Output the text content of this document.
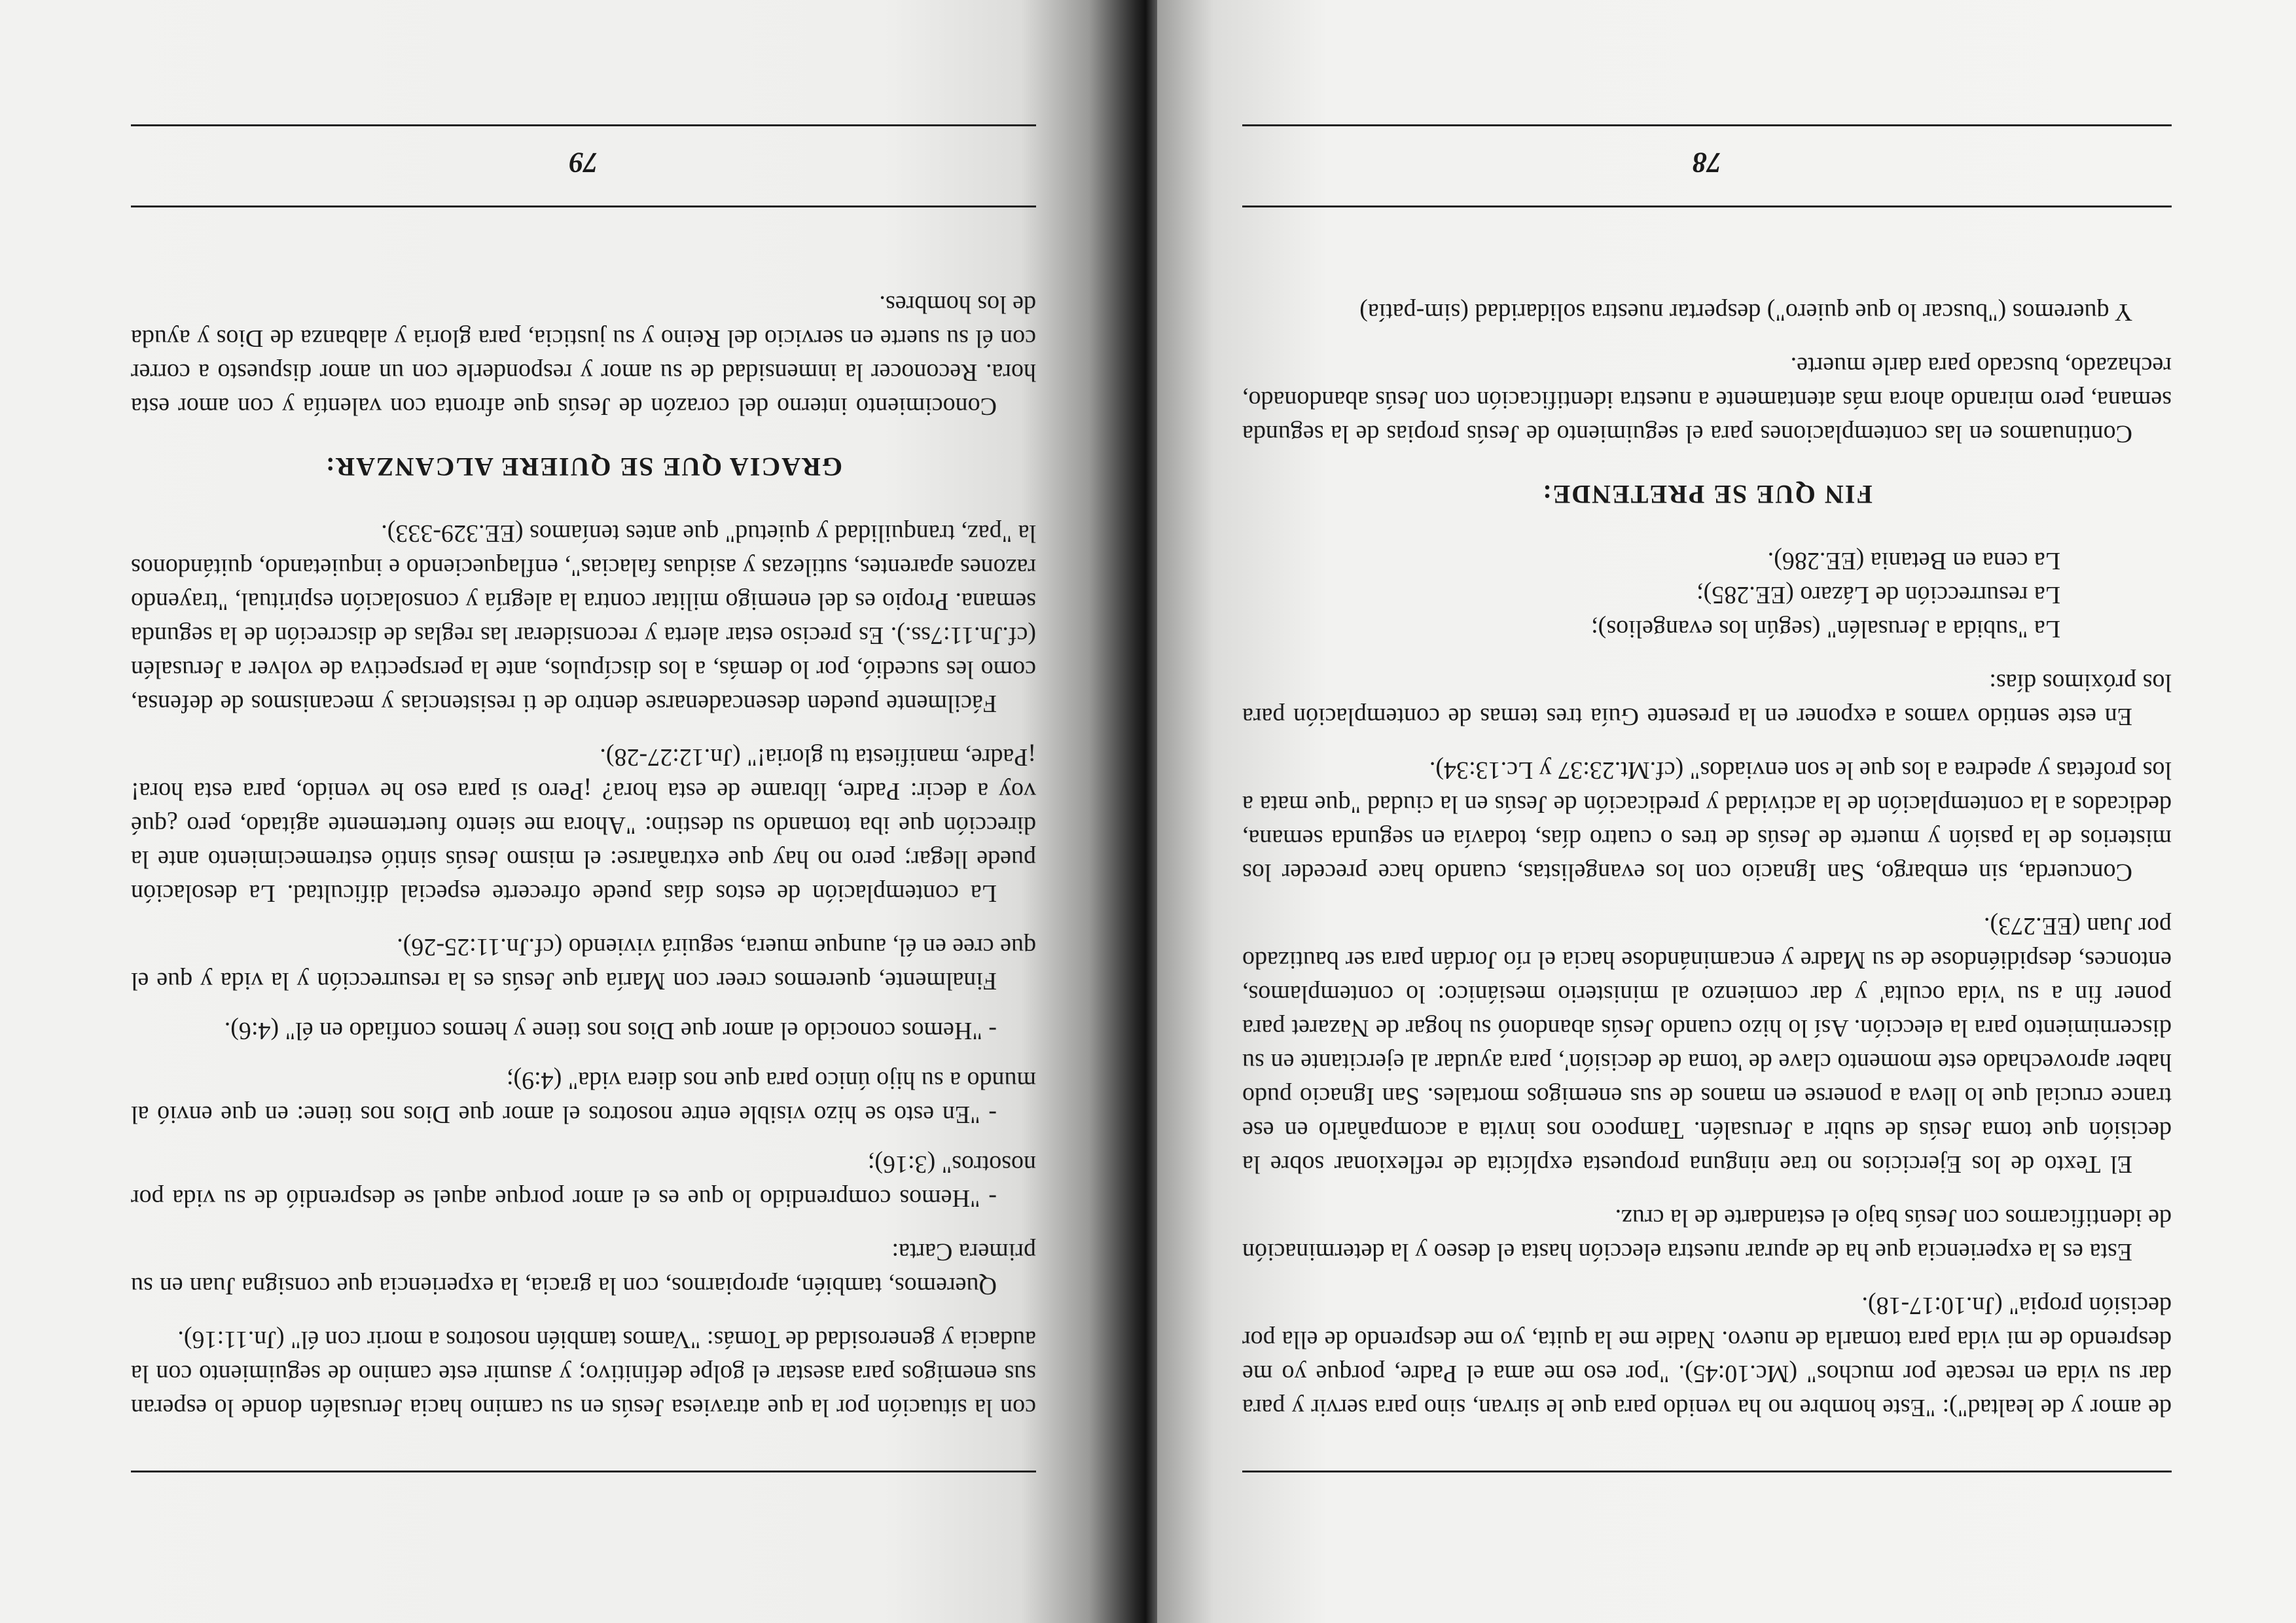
de amor y de lealtad"): "Este hombre no ha venido para que le sirvan, sino para servir y para dar su vida en rescate por muchos" (Mc.10:45). "por eso me ama el Padre, porque yo me desprendo de mi vida para tomarla de nuevo. Nadie me la quita, yo me desprendo de ella por decisión propia" (Jn.10:17-18).

Esta es la experiencia que ha de apurar nuestra elección hasta el deseo y la determinación de identificarnos con Jesús bajo el estandarte de la cruz.

El Texto de los Ejercicios no trae ninguna propuesta explícita de reflexionar sobre la decisión que toma Jesús de subir a Jerusalén. Tampoco nos invita a acompañarlo en ese trance crucial que lo lleva a ponerse en manos de sus enemigos mortales. San Ignacio pudo haber aprovechado este momento clave de 'toma de decisión', para ayudar al ejercitante en su discernimiento para la elección. Así lo hizo cuando Jesús abandonó su hogar de Nazaret para poner fin a su 'vida oculta' y dar comienzo al ministerio mesiánico: lo contemplamos, entonces, despidiéndose de su Madre y encaminándose hacia el río Jordán para ser bautizado por Juan (EE.273).

Concuerda, sin embargo, San Ignacio con los evangelistas, cuando hace preceder los misterios de la pasión y muerte de Jesús de tres o cuatro días, todavía en segunda semana, dedicados a la contemplación de la actividad y predicación de Jesús en la ciudad "que mata a los profetas y apedrea a los que le son enviados" (cf.Mt.23:37 y Lc.13:34).

En este sentido vamos a exponer en la presente Guía tres temas de contemplación para los próximos días:

La "subida a Jerusalén" (según los evangelios);
La resurrección de Lázaro (EE.285);
La cena en Betania (EE.286).
FIN QUE SE PRETENDE:

Continuamos en las contemplaciones para el seguimiento de Jesús propias de la segunda semana, pero mirando ahora más atentamente a nuestra identificación con Jesús abandonado, rechazado, buscado para darle muerte.

Y queremos ("buscar lo que quiero") despertar nuestra solidaridad (sim-patía)

78

con la situación por la que atraviesa Jesús en su camino hacia Jerusalén donde lo esperan sus enemigos para asestar el golpe definitivo; y asumir este camino de seguimiento con la audacia y generosidad de Tomás: "Vamos también nosotros a morir con él" (Jn.11:16).

Queremos, también, apropiarnos, con la gracia, la experiencia que consigna Juan en su primera Carta:

- "Hemos comprendido lo que es el amor porque aquel se desprendió de su vida por nosotros" (3:16);

- "En esto se hizo visible entre nosotros el amor que Dios nos tiene: en que envió al mundo a su hijo único para que nos diera vida" (4:9);

- "Hemos conocido el amor que Dios nos tiene y hemos confiado en él" (4:6).

Finalmente, queremos creer con María que Jesús es la resurrección y la vida y que el que cree en él, aunque muera, seguirá viviendo (cf.Jn.11:25-26).

La contemplación de estos días puede ofrecerte especial dificultad. La desolación puede llegar; pero no hay que extrañarse: el mismo Jesús sintió estremecimiento ante la dirección que iba tomando su destino: "Ahora me siento fuertemente agitado, pero ¿qué voy a decir: Padre, líbrame de esta hora? ¡Pero si para eso he venido, para esta hora! ¡Padre, manifiesta tu gloria!" (Jn.12:27-28).

Fácilmente pueden desencadenarse dentro de ti resistencias y mecanismos de defensa, como les sucedió, por lo demás, a los discípulos, ante la perspectiva de volver a Jerusalén (cf.Jn.11:7ss.). Es preciso estar alerta y reconsiderar las reglas de discreción de la segunda semana. Propio es del enemigo militar contra la alegría y consolación espiritual, "trayendo razones aparentes, sutilezas y asiduas falacias", enflaqueciendo e inquietando, quitándonos la "paz, tranquilidad y quietud" que antes teníamos (EE.329-333).

GRACIA QUE SE QUIERE ALCANZAR:

Conocimiento interno del corazón de Jesús que afronta con valentía y con amor esta hora. Reconocer la inmensidad de su amor y responderle con un amor dispuesto a correr con él su suerte en servicio del Reino y su justicia, para gloria y alabanza de Dios y ayuda de los hombres.

79
